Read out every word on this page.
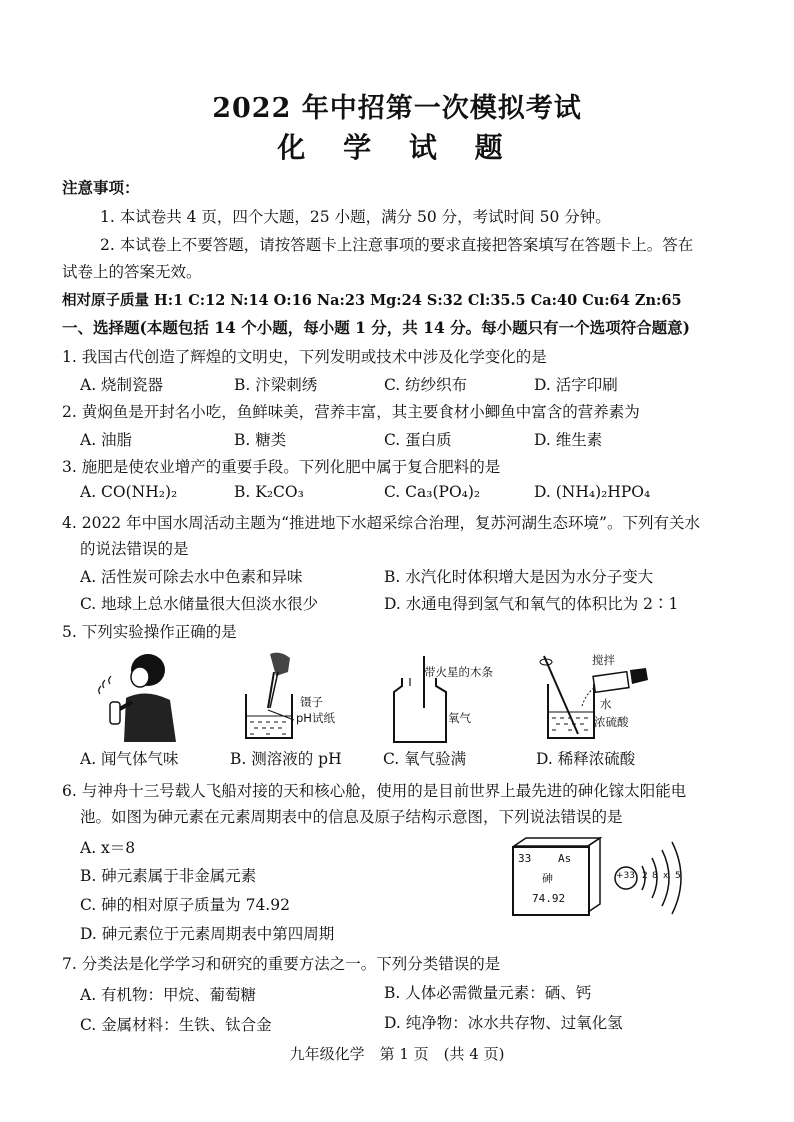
2022 年中招第一次模拟考试
化 学 试 题
注意事项：
1. 本试卷共 4 页，四个大题，25 小题，满分 50 分，考试时间 50 分钟。
2. 本试卷上不要答题，请按答题卡上注意事项的要求直接把答案填写在答题卡上。答在
试卷上的答案无效。
相对原子质量 H:1 C:12 N:14 O:16 Na:23 Mg:24 S:32 Cl:35.5 Ca:40 Cu:64 Zn:65
一、选择题(本题包括 14 个小题，每小题 1 分，共 14 分。每小题只有一个选项符合题意)
1. 我国古代创造了辉煌的文明史，下列发明或技术中涉及化学变化的是
A. 烧制瓷器	B. 汴梁刺绣	C. 纺纱织布	D. 活字印刷
2. 黄焖鱼是开封名小吃，鱼鲜味美，营养丰富，其主要食材小鲫鱼中富含的营养素为
A. 油脂	B. 糖类	C. 蛋白质	D. 维生素
3. 施肥是使农业增产的重要手段。下列化肥中属于复合肥料的是
A. CO(NH₂)₂	B. K₂CO₃	C. Ca₃(PO₄)₂	D. (NH₄)₂HPO₄
4. 2022 年中国水周活动主题为“推进地下水超采综合治理，复苏河湖生态环境”。下列有关水
的说法错误的是
A. 活性炭可除去水中色素和异味	B. 水汽化时体积增大是因为水分子变大
C. 地球上总水储量很大但淡水很少	D. 水通电得到氢气和氧气的体积比为 2∶1
5. 下列实验操作正确的是
镊子
pH试纸
带火星的木条
氧气
搅拌
水
浓硫酸
A. 闻气体气味	B. 测溶液的 pH	C. 氧气验满	D. 稀释浓硫酸
6. 与神舟十三号载人飞船对接的天和核心舱，使用的是目前世界上最先进的砷化镓太阳能电
池。如图为砷元素在元素周期表中的信息及原子结构示意图，下列说法错误的是
A. x＝8
B. 砷元素属于非金属元素
C. 砷的相对原子质量为 74.92
D. 砷元素位于元素周期表中第四周期
33 As
砷
74.92
+33 2 8 x 5
7. 分类法是化学学习和研究的重要方法之一。下列分类错误的是
A. 有机物：甲烷、葡萄糖	B. 人体必需微量元素：硒、钙
C. 金属材料：生铁、钛合金	D. 纯净物：冰水共存物、过氧化氢
九年级化学　第 1 页　(共 4 页)
